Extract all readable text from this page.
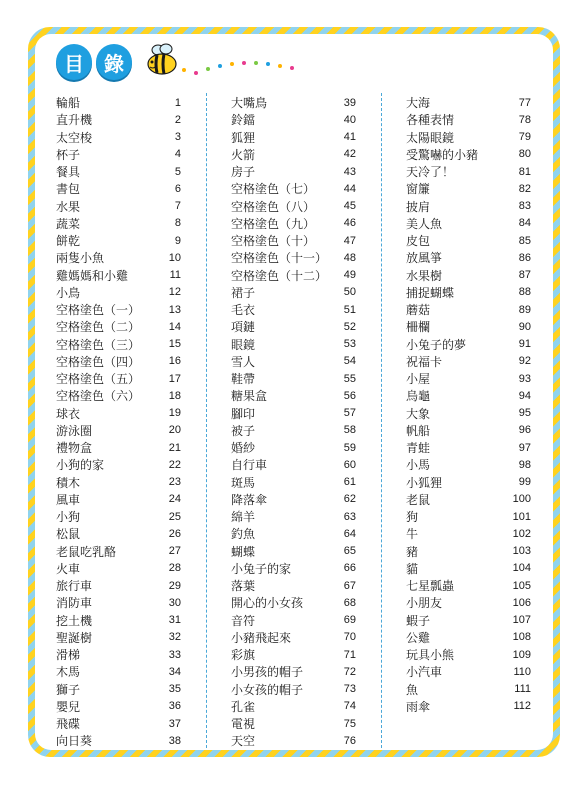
目	錄
輪船	1
直升機	2
太空梭	3
杯子	4
餐具	5
書包	6
水果	7
蔬菜	8
餅乾	9
兩隻小魚	10
雞媽媽和小雞	11
小鳥	12
空格塗色（一）	13
空格塗色（二）	14
空格塗色（三）	15
空格塗色（四）	16
空格塗色（五）	17
空格塗色（六）	18
球衣	19
游泳圈	20
禮物盒	21
小狗的家	22
積木	23
風車	24
小狗	25
松鼠	26
老鼠吃乳酪	27
火車	28
旅行車	29
消防車	30
挖土機	31
聖誕樹	32
滑梯	33
木馬	34
獅子	35
嬰兒	36
飛碟	37
向日葵	38
大嘴鳥	39
鈴鐺	40
狐狸	41
火箭	42
房子	43
空格塗色（七）	44
空格塗色（八）	45
空格塗色（九）	46
空格塗色（十）	47
空格塗色（十一） 48
空格塗色（十二） 49
裙子	50
毛衣	51
項鏈	52
眼鏡	53
雪人	54
鞋帶	55
糖果盒	56
腳印	57
被子	58
婚紗	59
自行車	60
斑馬	61
降落傘	62
綿羊	63
釣魚	64
蝴蝶	65
小兔子的家	66
落葉	67
開心的小女孩	68
音符	69
小豬飛起來	70
彩旗	71
小男孩的帽子	72
小女孩的帽子	73
孔雀	74
電視	75
天空	76
大海	77
各種表情	78
太陽眼鏡	79
受驚嚇的小豬	80
天冷了！	81
窗簾	82
披肩	83
美人魚	84
皮包	85
放風箏	86
水果樹	87
捕捉蝴蝶	88
蘑菇	89
柵欄	90
小兔子的夢	91
祝福卡	92
小屋	93
烏龜	94
大象	95
帆船	96
青蛙	97
小馬	98
小狐狸	99
老鼠	100
狗	101
牛	102
豬	103
貓	104
七星瓢蟲	105
小朋友	106
蝦子	107
公雞	108
玩具小熊	109
小汽車	110
魚	111
雨傘	112
